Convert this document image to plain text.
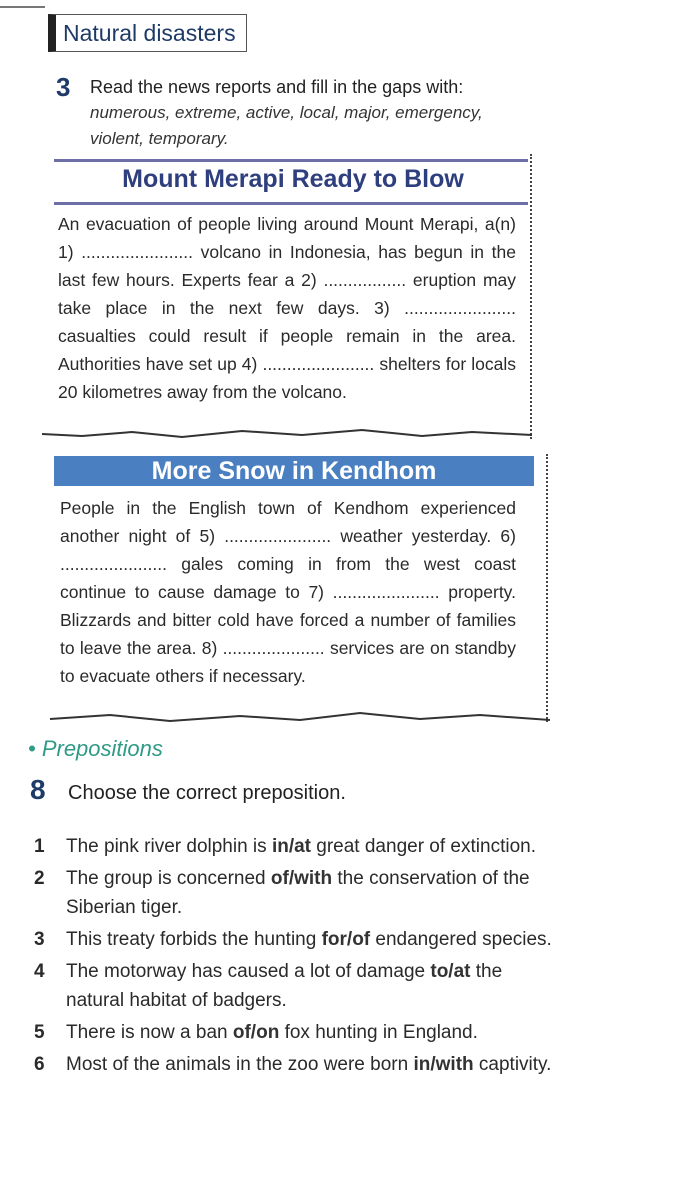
Natural disasters
3 Read the news reports and fill in the gaps with:
numerous, extreme, active, local, major, emergency, violent, temporary.
Mount Merapi Ready to Blow
An evacuation of people living around Mount Merapi, a(n) 1) ....................... volcano in Indonesia, has begun in the last few hours. Experts fear a 2) ................. eruption may take place in the next few days. 3) ....................... casualties could result if people remain in the area. Authorities have set up 4) ....................... shelters for locals 20 kilometres away from the volcano.
More Snow in Kendhom
People in the English town of Kendhom experienced another night of 5) ...................... weather yesterday. 6) ...................... gales coming in from the west coast continue to cause damage to 7) ...................... property. Blizzards and bitter cold have forced a number of families to leave the area. 8) ..................... services are on standby to evacuate others if necessary.
• Prepositions
8 Choose the correct preposition.
1	The pink river dolphin is in/at great danger of extinction.
2	The group is concerned of/with the conservation of the Siberian tiger.
3	This treaty forbids the hunting for/of endangered species.
4	The motorway has caused a lot of damage to/at the natural habitat of badgers.
5	There is now a ban of/on fox hunting in England.
6	Most of the animals in the zoo were born in/with captivity.
